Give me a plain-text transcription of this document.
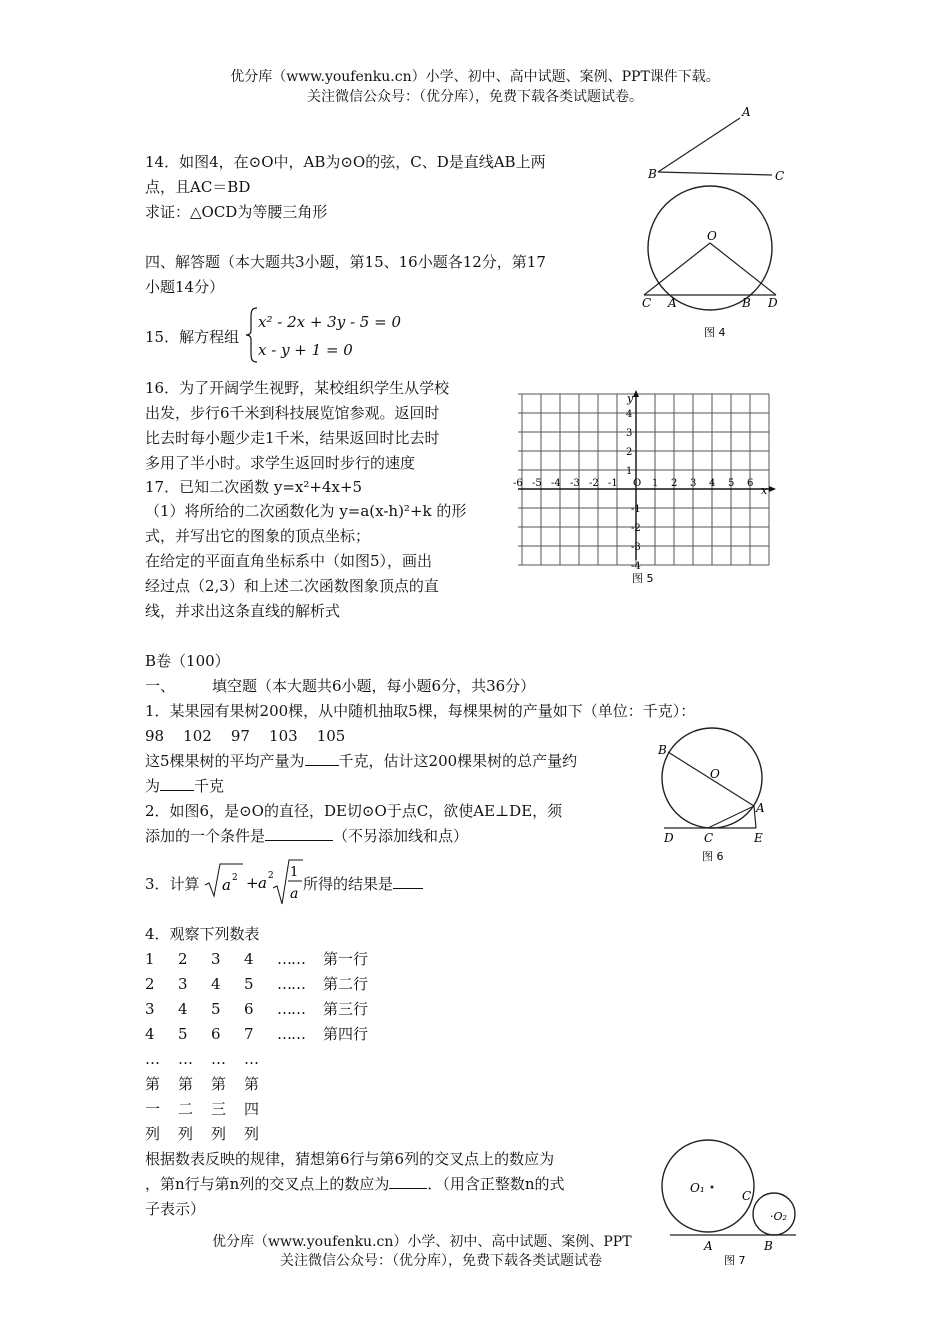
优分库（www.youfenku.cn）小学、初中、高中试题、案例、PPT课件下载。
关注微信公众号：（优分库），免费下载各类试题试卷。
14．如图4，在⊙O中，AB为⊙O的弦，C、D是直线AB上两
点，且AC＝BD
求证：△OCD为等腰三角形
四、解答题（本大题共3小题，第15、16小题各12分，第17
小题14分）
15．解方程组
x² - 2x + 3y - 5 = 0
x - y + 1 = 0
16．为了开阔学生视野，某校组织学生从学校
出发，步行6千米到科技展览馆参观。返回时
比去时每小题少走1千米，结果返回时比去时
多用了半小时。求学生返回时步行的速度
17．已知二次函数 y=x²+4x+5
（1）将所给的二次函数化为 y=a(x-h)²+k 的形
式，并写出它的图象的顶点坐标；
在给定的平面直角坐标系中（如图5），画出
经过点（2,3）和上述二次函数图象顶点的直
线，并求出这条直线的解析式
B卷（100）
一、 填空题（本大题共6小题，每小题6分，共36分）
1．某果园有果树200棵，从中随机抽取5棵，每棵果树的产量如下（单位：千克）：
98    102    97    103    105
这5棵果树的平均产量为 千克，估计这200棵果树的总产量约
为 千克
2．如图6，是⊙O的直径，DE切⊙O于点C，欲使AE⊥DE，须
添加的一个条件是	（不另添加线和点）
3．计算 a 2 + a 2 1
a
所得的结果是
4．观察下列数表
1	2	3	4	……	第一行
2	3	4	5	……	第二行
3	4	5	6	……	第三行
4	5	6	7	……	第四行
…	…	…	…		
第	第	第	第		
一	二	三	四		
列	列	列	列		
根据数表反映的规律，猜想第6行与第6列的交叉点上的数应为
，第n行与第n列的交叉点上的数应为	．（用含正整数n的式
子表示）
优分库（www.youfenku.cn）小学、初中、高中试题、案例、PPT
关注微信公众号：（优分库），免费下载各类试题试卷
A
B	C
O
C A	B D
图 4
x
y
-6 -5 -4 -3 -2 -1 O 1 2 3 4 5 6
-4
-3
-2
-1
1
2
3
4
图 5
B
O
A
D	C	E
图 6
O₁
C
·O₂
A	B
图 7
